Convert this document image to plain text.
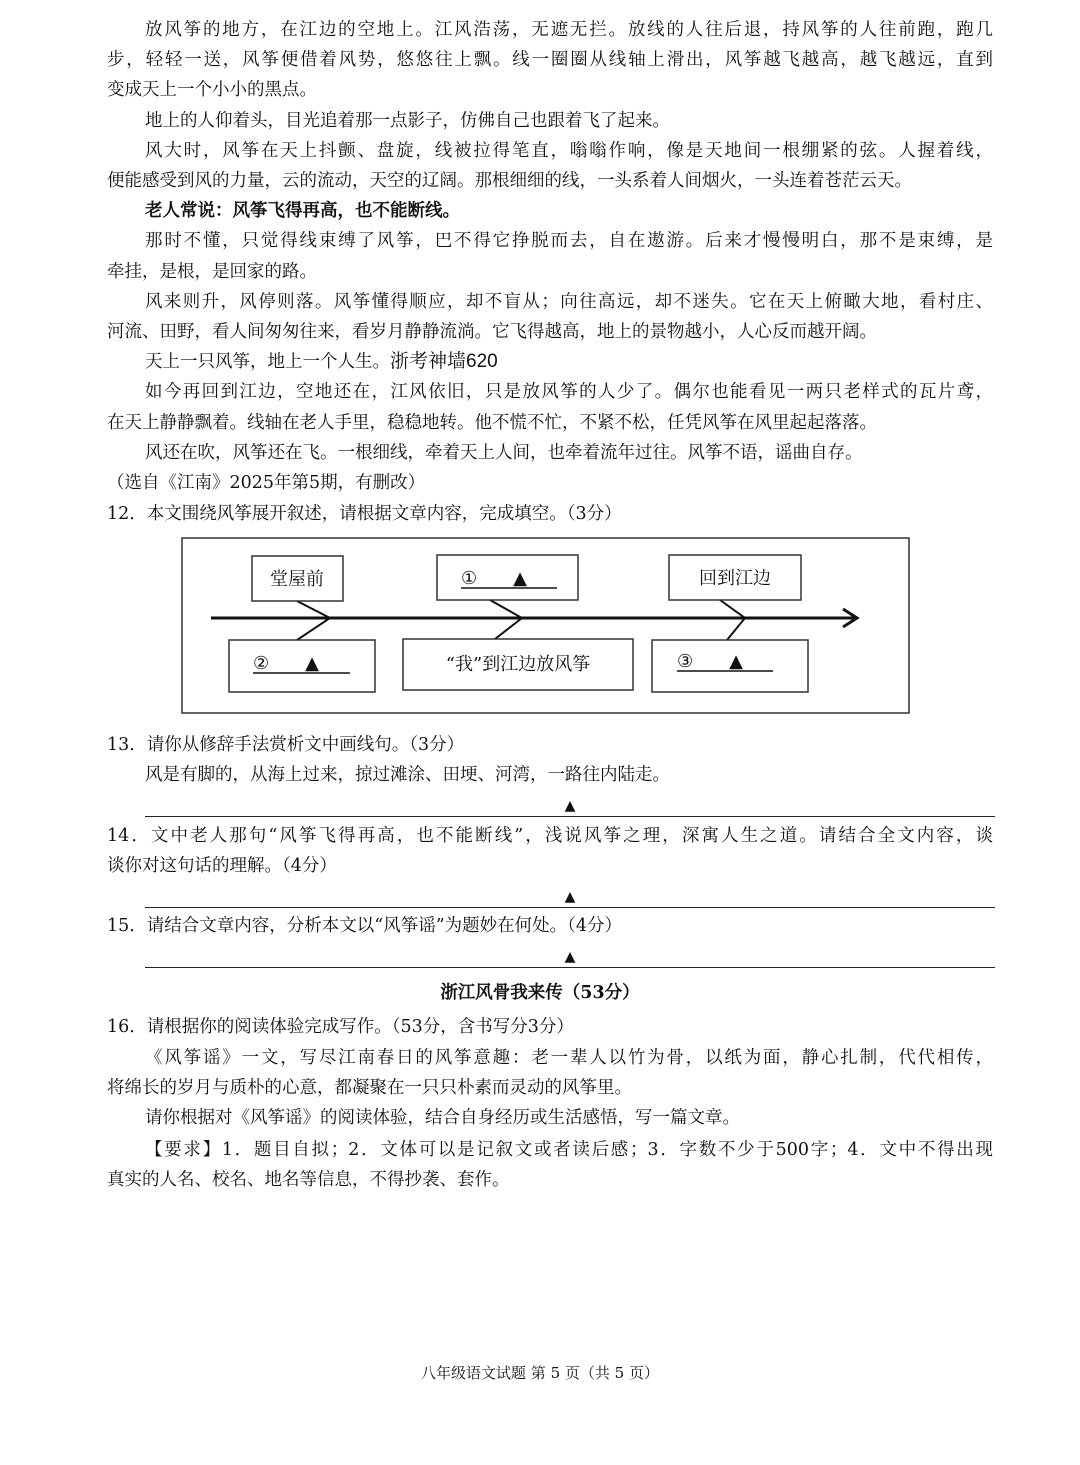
放风筝的地方，在江边的空地上。江风浩荡，无遮无拦。放线的人往后退，持风筝的人往前跑，跑几
步，轻轻一送，风筝便借着风势，悠悠往上飘。线一圈圈从线轴上滑出，风筝越飞越高，越飞越远，直到
变成天上一个小小的黑点。
地上的人仰着头，目光追着那一点影子，仿佛自己也跟着飞了起来。
风大时，风筝在天上抖颤、盘旋，线被拉得笔直，嗡嗡作响，像是天地间一根绷紧的弦。人握着线，
便能感受到风的力量，云的流动，天空的辽阔。那根细细的线，一头系着人间烟火，一头连着苍茫云天。
老人常说：风筝飞得再高，也不能断线。
那时不懂，只觉得线束缚了风筝，巴不得它挣脱而去，自在遨游。后来才慢慢明白，那不是束缚，是
牵挂，是根，是回家的路。
风来则升，风停则落。风筝懂得顺应，却不盲从；向往高远，却不迷失。它在天上俯瞰大地，看村庄、
河流、田野，看人间匆匆往来，看岁月静静流淌。它飞得越高，地上的景物越小，人心反而越开阔。
天上一只风筝，地上一个人生。浙考神墙620
如今再回到江边，空地还在，江风依旧，只是放风筝的人少了。偶尔也能看见一两只老样式的瓦片鸢，
在天上静静飘着。线轴在老人手里，稳稳地转。他不慌不忙，不紧不松，任凭风筝在风里起起落落。
风还在吹，风筝还在飞。一根细线，牵着天上人间，也牵着流年过往。风筝不语，谣曲自存。
（选自《江南》2025年第5期，有删改）
12．本文围绕风筝展开叙述，请根据文章内容，完成填空。（3分）
13．请你从修辞手法赏析文中画线句。（3分）
风是有脚的，从海上过来，掠过滩涂、田埂、河湾，一路往内陆走。
▲
14．文中老人那句“风筝飞得再高，也不能断线”，浅说风筝之理，深寓人生之道。请结合全文内容，谈
谈你对这句话的理解。（4分）
▲
15．请结合文章内容，分析本文以“风筝谣”为题妙在何处。（4分）
▲
浙江风骨我来传（53分）
16．请根据你的阅读体验完成写作。（53分，含书写分3分）
《风筝谣》一文，写尽江南春日的风筝意趣：老一辈人以竹为骨，以纸为面，静心扎制，代代相传，
将绵长的岁月与质朴的心意，都凝聚在一只只朴素而灵动的风筝里。
请你根据对《风筝谣》的阅读体验，结合自身经历或生活感悟，写一篇文章。
【要求】1．题目自拟；2．文体可以是记叙文或者读后感；3．字数不少于500字；4．文中不得出现
真实的人名、校名、地名等信息，不得抄袭、套作。
八年级语文试题 第 5 页（共 5 页）
堂屋前	①　　▲	回到江边
②　　▲	“我”到江边放风筝	③　　▲
